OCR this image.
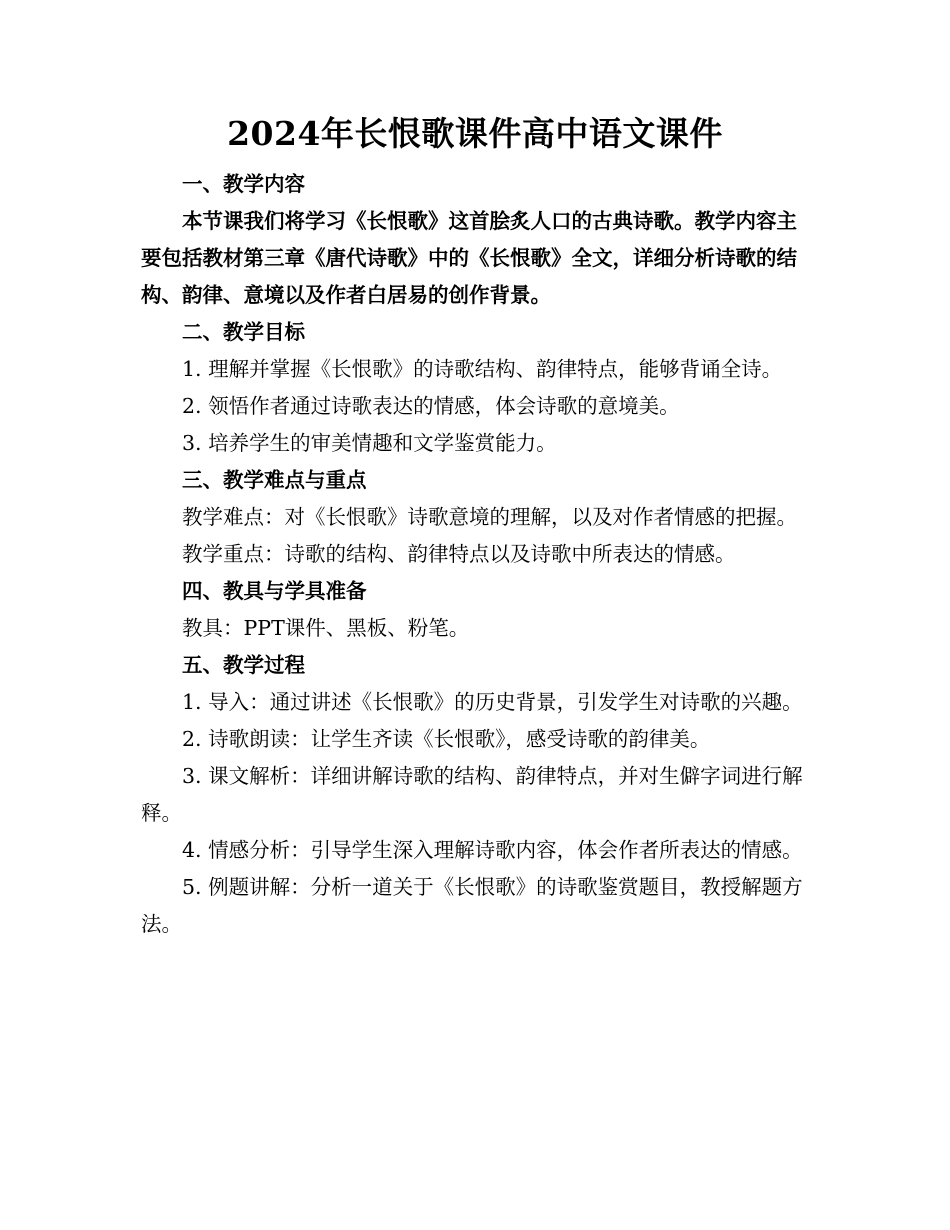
2024年长恨歌课件高中语文课件

一、教学内容

本节课我们将学习《长恨歌》这首脍炙人口的古典诗歌。教学内容主要包括教材第三章《唐代诗歌》中的《长恨歌》全文，详细分析诗歌的结构、韵律、意境以及作者白居易的创作背景。

二、教学目标

1. 理解并掌握《长恨歌》的诗歌结构、韵律特点，能够背诵全诗。

2. 领悟作者通过诗歌表达的情感，体会诗歌的意境美。

3. 培养学生的审美情趣和文学鉴赏能力。

三、教学难点与重点

教学难点：对《长恨歌》诗歌意境的理解，以及对作者情感的把握。

教学重点：诗歌的结构、韵律特点以及诗歌中所表达的情感。

四、教具与学具准备

教具：PPT课件、黑板、粉笔。

五、教学过程

1. 导入：通过讲述《长恨歌》的历史背景，引发学生对诗歌的兴趣。

2. 诗歌朗读：让学生齐读《长恨歌》，感受诗歌的韵律美。

3. 课文解析：详细讲解诗歌的结构、韵律特点，并对生僻字词进行解释。

4. 情感分析：引导学生深入理解诗歌内容，体会作者所表达的情感。

5. 例题讲解：分析一道关于《长恨歌》的诗歌鉴赏题目，教授解题方法。
